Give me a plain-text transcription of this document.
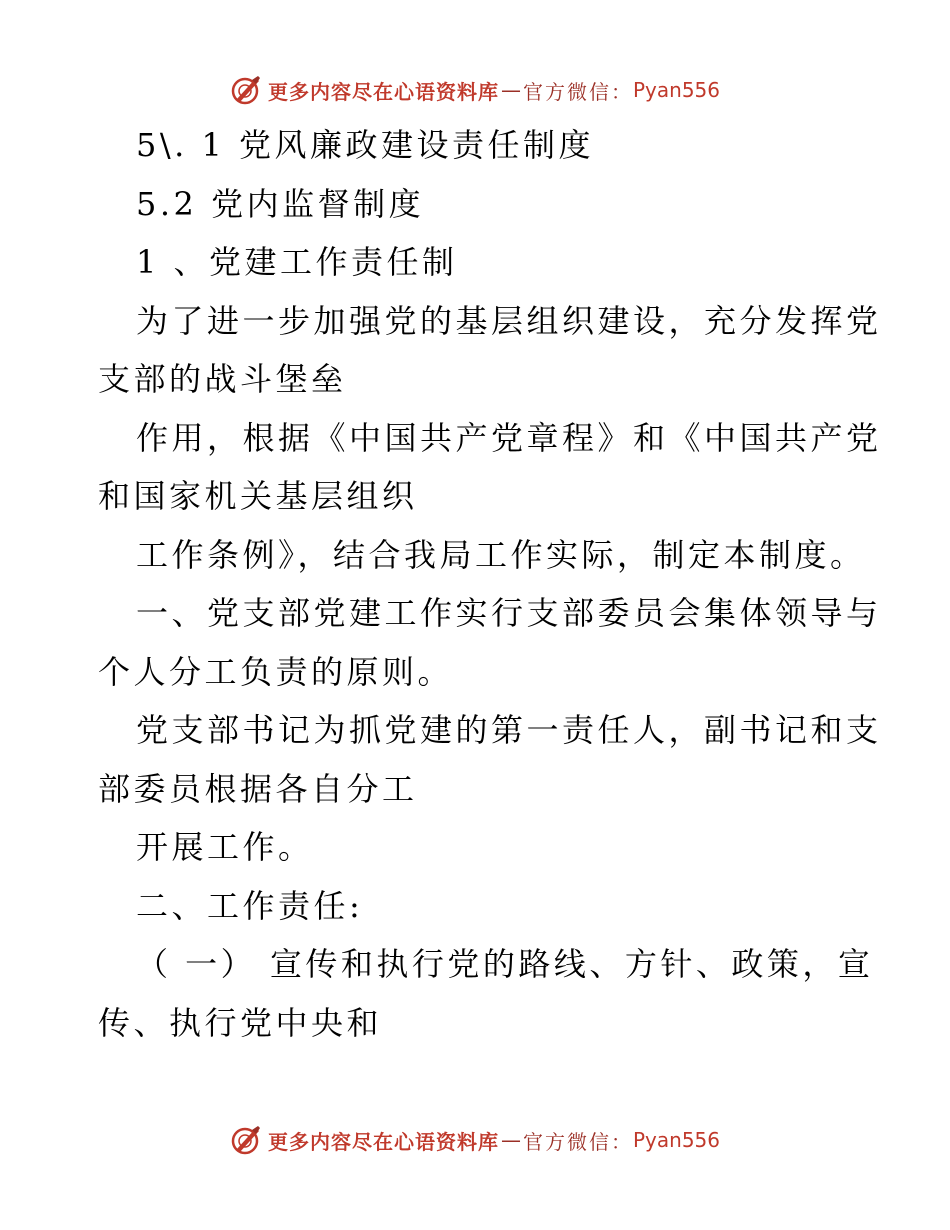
更多内容尽在心语资料库 — 官方微信： Pyan556

5\. 1 党风廉政建设责任制度

5.2 党内监督制度

1 、党建工作责任制

为了进一步加强党的基层组织建设，充分发挥党

支部的战斗堡垒

作用，根据《中国共产党章程》和《中国共产党

和国家机关基层组织

工作条例》，结合我局工作实际，制定本制度。

一、党支部党建工作实行支部委员会集体领导与

个人分工负责的原则。

党支部书记为抓党建的第一责任人，副书记和支

部委员根据各自分工

开展工作。

二、工作责任:

（ 一） 宣传和执行党的路线、方针、政策，宣

传、执行党中央和

更多内容尽在心语资料库 — 官方微信： Pyan556
